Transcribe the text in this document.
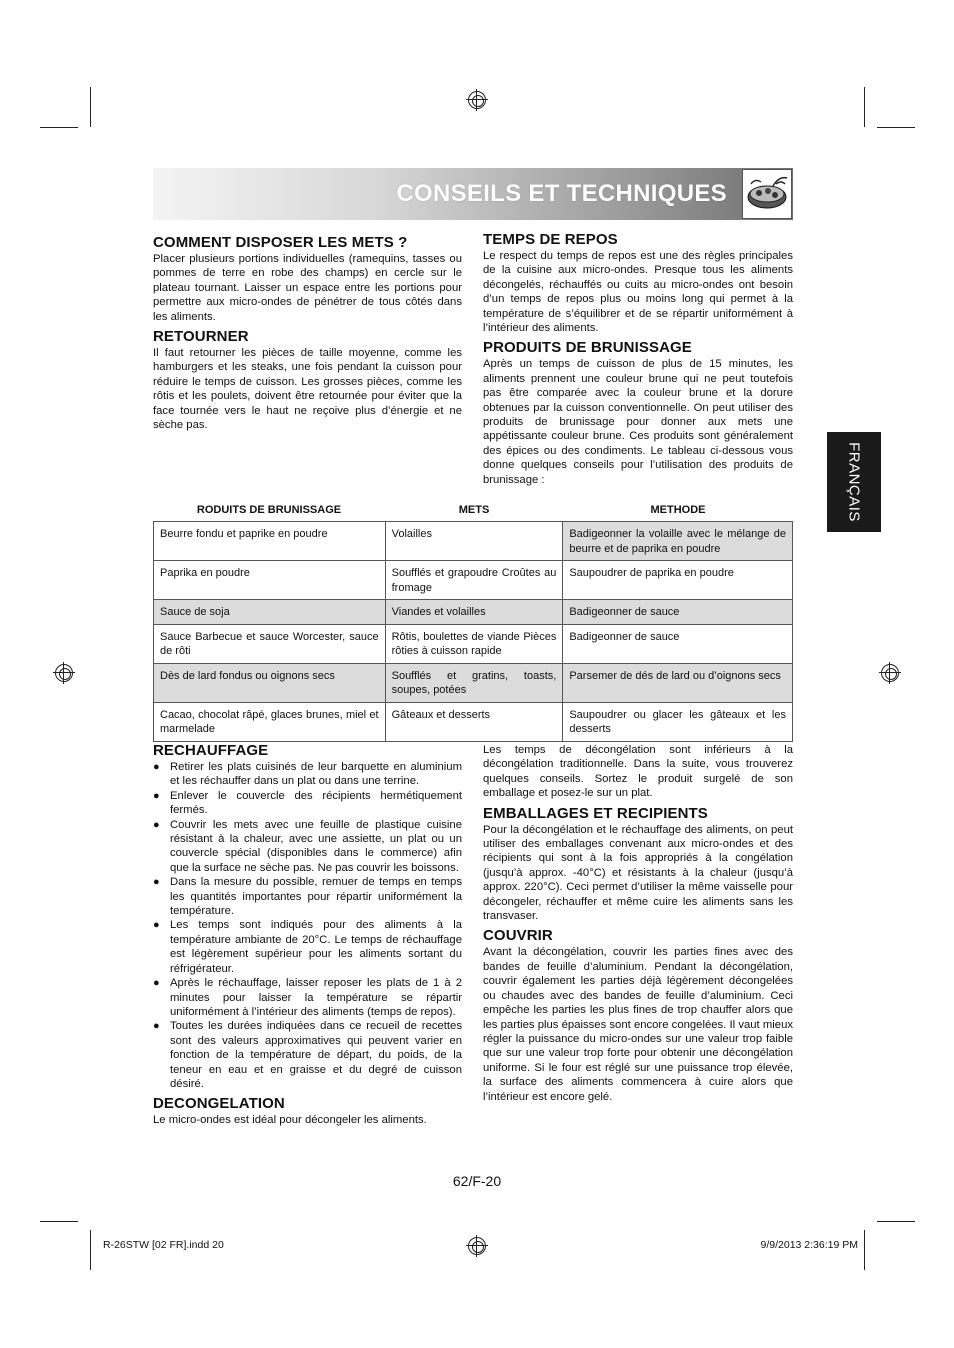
CONSEILS ET TECHNIQUES
FRANÇAIS
COMMENT DISPOSER LES METS ?

Placer plusieurs portions individuelles (ramequins, tasses ou pommes de terre en robe des champs) en cercle sur le plateau tournant. Laisser un espace entre les portions pour permettre aux micro-ondes de pénétrer de tous côtés dans les aliments.

RETOURNER

Il faut retourner les pièces de taille moyenne, comme les hamburgers et les steaks, une fois pendant la cuisson pour réduire le temps de cuisson. Les grosses pièces, comme les rôtis et les poulets, doivent être retournée pour éviter que la face tournée vers le haut ne reçoive plus d’énergie et ne sèche pas.

TEMPS DE REPOS

Le respect du temps de repos est une des règles principales de la cuisine aux micro-ondes. Presque tous les aliments décongelés, réchauffés ou cuits au micro-ondes ont besoin d’un temps de repos plus ou moins long qui permet à la température de s’équilibrer et de se répartir uniformément à l’intérieur des aliments.

PRODUITS DE BRUNISSAGE

Après un temps de cuisson de plus de 15 minutes, les aliments prennent une couleur brune qui ne peut toutefois pas être comparée avec la couleur brune et la dorure obtenues par la cuisson conventionnelle. On peut utiliser des produits de brunissage pour donner aux mets une appétissante couleur brune. Ces produits sont généralement des épices ou des condiments. Le tableau ci-dessous vous donne quelques conseils pour l’utilisation des produits de brunissage :

RODUITS DE BRUNISSAGE	METS	METHODE
Beurre fondu et paprike en poudre	Volailles	Badigeonner la volaille avec le mélange de beurre et de paprika en poudre
Paprika en poudre	Soufflés et grapoudre Croûtes au fromage	Saupoudrer de paprika en poudre
Sauce de soja	Viandes et volailles	Badigeonner de sauce
Sauce Barbecue et sauce Worcester, sauce de rôti	Rôtis, boulettes de viande Pièces rôties à cuisson rapide	Badigeonner de sauce
Dès de lard fondus ou oignons secs	Soufflés et gratins, toasts, soupes, potées	Parsemer de dés de lard ou d’oignons secs
Cacao, chocolat râpé, glaces brunes, miel et marmelade	Gâteaux et desserts	Saupoudrer ou glacer les gâteaux et les desserts
RECHAUFFAGE
● Retirer les plats cuisinés de leur barquette en aluminium et les réchauffer dans un plat ou dans une terrine.
● Enlever le couvercle des récipients hermétiquement fermés.
● Couvrir les mets avec une feuille de plastique cuisine résistant à la chaleur, avec une assiette, un plat ou un couvercle spécial (disponibles dans le commerce) afin que la surface ne sèche pas. Ne pas couvrir les boissons.
● Dans la mesure du possible, remuer de temps en temps les quantités importantes pour répartir uniformément la température.
● Les temps sont indiqués pour des aliments à la température ambiante de 20°C. Le temps de réchauffage est légèrement supérieur pour les aliments sortant du réfrigérateur.
● Après le réchauffage, laisser reposer les plats de 1 à 2 minutes pour laisser la température se répartir uniformément à l’intérieur des aliments (temps de repos).
● Toutes les durées indiquées dans ce recueil de recettes sont des valeurs approximatives qui peuvent varier en fonction de la température de départ, du poids, de la teneur en eau et en graisse et du degré de cuisson désiré.
DECONGELATION

Le micro-ondes est idéal pour décongeler les aliments.

Les temps de décongélation sont inférieurs à la décongélation traditionnelle. Dans la suite, vous trouverez quelques conseils. Sortez le produit surgelé de son emballage et posez-le sur un plat.

EMBALLAGES ET RECIPIENTS

Pour la décongélation et le réchauffage des aliments, on peut utiliser des emballages convenant aux micro-ondes et des récipients qui sont à la fois appropriés à la congélation (jusqu’à approx. -40°C) et résistants à la chaleur (jusqu’à approx. 220°C). Ceci permet d’utiliser la même vaisselle pour décongeler, réchauffer et même cuire les aliments sans les transvaser.

COUVRIR

Avant la décongélation, couvrir les parties fines avec des bandes de feuille d’aluminium. Pendant la décongélation, couvrir également les parties déjà légèrement décongelées ou chaudes avec des bandes de feuille d’aluminium. Ceci empêche les parties les plus fines de trop chauffer alors que les parties plus épaisses sont encore congelées. Il vaut mieux régler la puissance du micro-ondes sur une valeur trop faible que sur une valeur trop forte pour obtenir une décongélation uniforme. Si le four est réglé sur une puissance trop élevée, la surface des aliments commencera à cuire alors que l’intérieur est encore gelé.

62/F-20
R-26STW [02 FR].indd 20	9/9/2013 2:36:19 PM
